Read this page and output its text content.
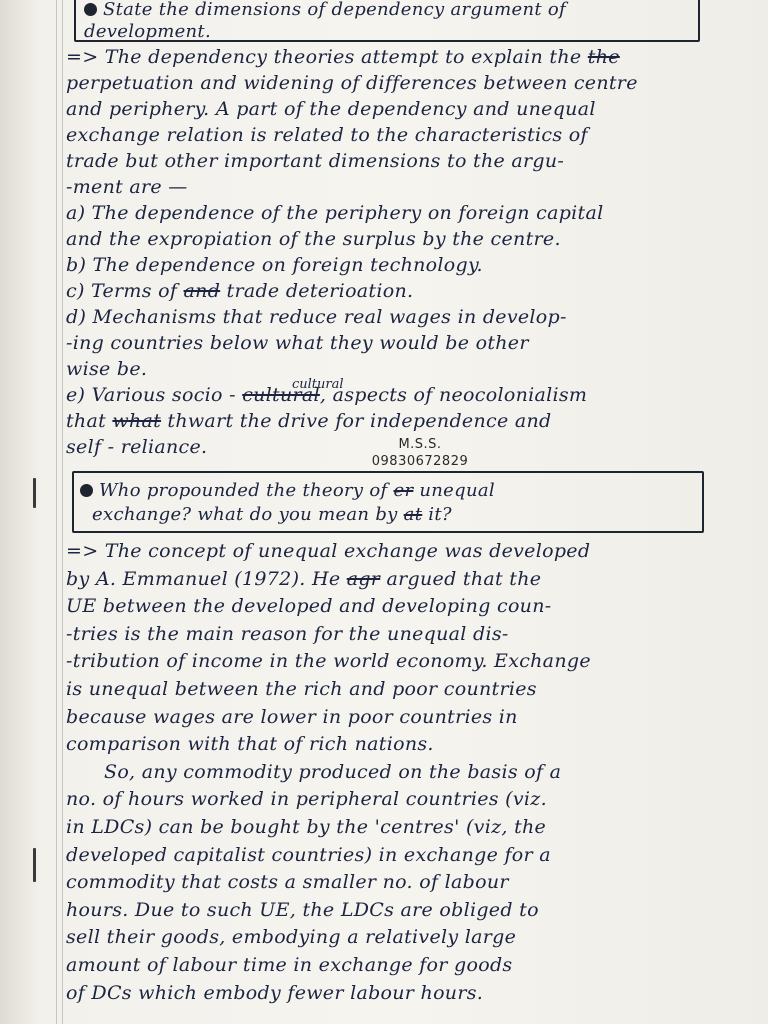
State the dimensions of dependency argument of
development.
=> The dependency theories attempt to explain the the
perpetuation and widening of differences between centre
and periphery. A part of the dependency and unequal
exchange relation is related to the characteristics of
trade but other important dimensions to the argu-
-ment are —
a) The dependence of the periphery on foreign capital
and the expropiation of the surplus by the centre.
b) The dependence on foreign technology.
c) Terms of and trade deterioation.
d) Mechanisms that reduce real wages in develop-
-ing countries below what they would be other
wise be.
e) Various socio - cultural, aspects of neocolonialism
that what thwart the drive for independence and
self - reliance.
cultural
M.S.S.
09830672829
Who propounded the theory of er unequal
exchange? what do you mean by at it?
=> The concept of unequal exchange was developed
by A. Emmanuel (1972). He agr argued that the
UE between the developed and developing coun-
-tries is the main reason for the unequal dis-
-tribution of income in the world economy. Exchange
is unequal between the rich and poor countries
because wages are lower in poor countries in
comparison with that of rich nations.
So, any commodity produced on the basis of a
no. of hours worked in peripheral countries (viz.
in LDCs) can be bought by the 'centres' (viz, the
developed capitalist countries) in exchange for a
commodity that costs a smaller no. of labour
hours. Due to such UE, the LDCs are obliged to
sell their goods, embodying a relatively large
amount of labour time in exchange for goods
of DCs which embody fewer labour hours.
